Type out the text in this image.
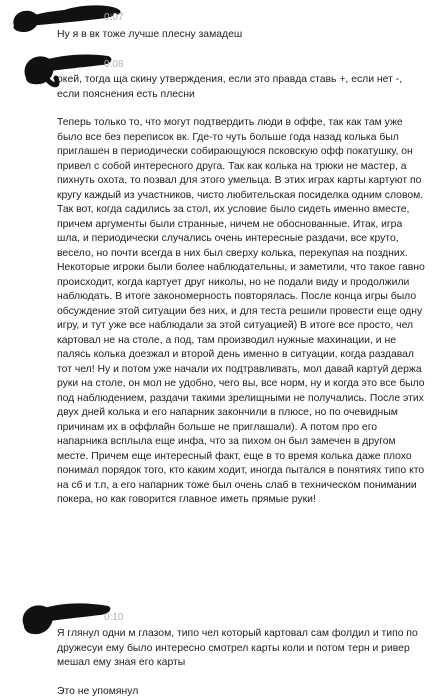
0:07

Ну я в вк тоже лучше плесну замадеш

0:08

окей, тогда ща скину утверждения, если это правда ставь +, если нет -, если пояснения есть плесни

Теперь только то, что могут подтвердить люди в оффе, так как там уже было все без переписок вк. Где-то чуть больше года назад колька был приглашен в периодически собирающуюся псковскую офф покатушку, он привел с собой интересного друга. Так как колька на трюки не мастер, а пихнуть охота, то позвал для этого умельца. В этих играх карты картуют по кругу каждый из участников, чисто любительская посиделка одним словом. Так вот, когда садились за стол, их условие было сидеть именно вместе, причем аргументы были странные, ничем не обоснованные. Итак, игра шла, и периодически случались очень интересные раздачи, все круто, весело, но почти всегда в них был сверху колька, перекупая на поздних. Некоторые игроки были более наблюдательны, и заметили, что такое гавно происходит, когда картует друг николы, но не подали виду и продолжили наблюдать. В итоге закономерность повторялась. После конца игры было обсуждение этой ситуации без них, и для теста решили провести еще одну игру, и тут уже все наблюдали за этой ситуацией) В итоге все просто, чел картовал не на столе, а под, там производил нужные махинации, и не палясь колька доезжал и второй день именно в ситуации, когда раздавал тот чел! Ну и потом уже начали их подтравливать, мол давай картуй держа руки на столе, он мол не удобно, чего вы, все норм, ну и когда это все было под наблюдением, раздачи такими зрелищными не получались. После этих двух дней колька и его напарник закончили в плюсе, но по очевидным причинам их в оффлайн больше не приглашали). А потом про его напарника всплыла еще инфа, что за пихом он был замечен в другом месте. Причем еще интересный факт, еще в то время колька даже плохо понимал порядок того, кто каким ходит, иногда пытался в понятиях типо кто на сб и т.п, а его напарник тоже был очень слаб в техническом понимании покера, но как говорится главное иметь прямые руки!

0:10

Я глянул одни м глазом, типо чел который картовал сам фолдил и типо по дружесуи ему было интересно смотрел карты коли и потом терн и ривер мешал ему зная его карты

Это не упомянул
